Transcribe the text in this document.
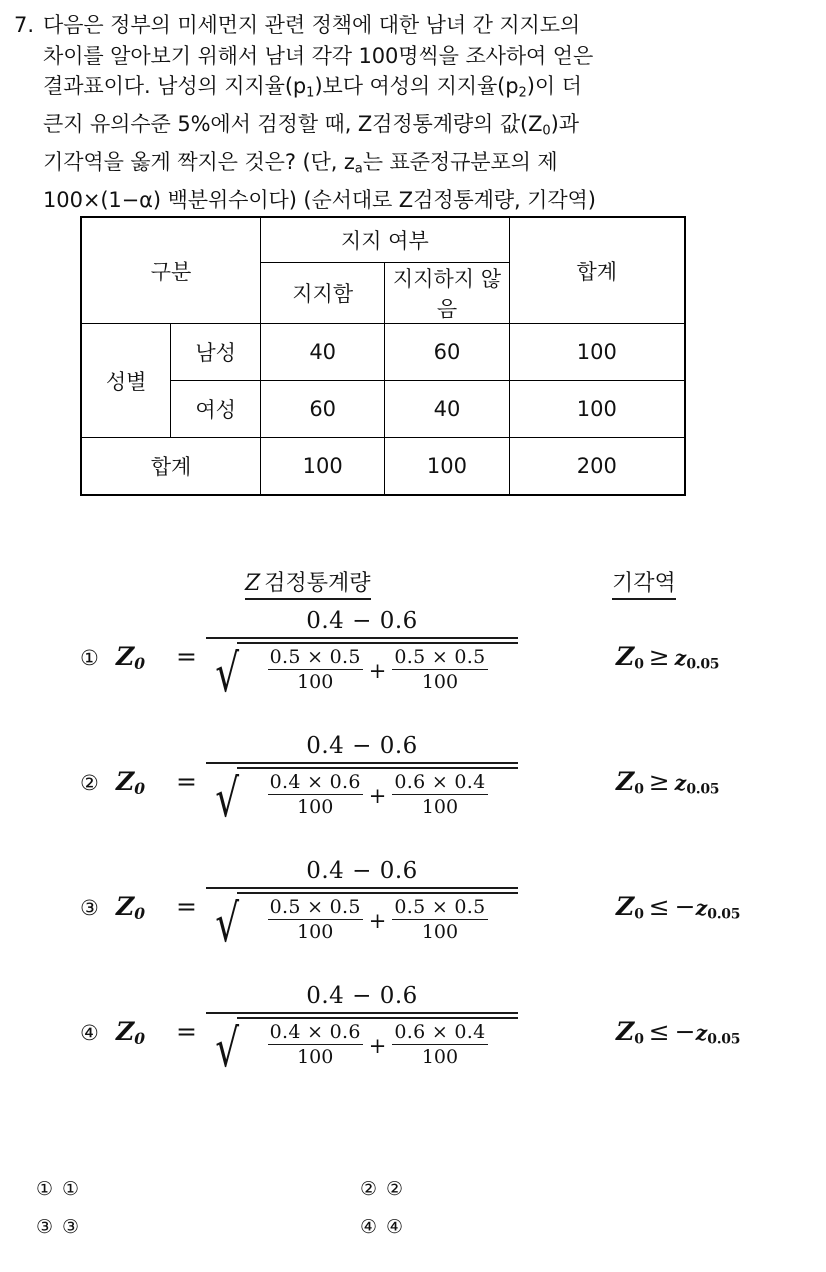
7. 다음은 정부의 미세먼지 관련 정책에 대한 남녀 간 지지도의
차이를 알아보기 위해서 남녀 각각 100명씩을 조사하여 얻은
결과표이다. 남성의 지지율$(p_1)$보다 여성의 지지율$(p_2)$이 더
큰지 유의수준 5%에서 검정할 때, Z검정통계량의 값$(Z_0)$과
기각역을 옳게 짝지은 것은? (단, $z_a$는 표준정규분포의 제
100×(1−α) 백분위수이다) (순서대로 Z검정통계량, 기각역)
구분		지지 여부		합계
		지지함	지지하지 않음	
성별	남성	40	60	100
	여성	60	40	100
합계		100	100	200
Z 검정통계량	기각역
① $Z_0$ =
0.4 − 0.6
√ 0.5 × 0.5
100 +
0.5 × 0.5
100
$Z_0 \ge z_{0.05}$
② $Z_0$ =
0.4 − 0.6
√ 0.4 × 0.6
100 +
0.6 × 0.4
100
$Z_0 \ge z_{0.05}$
③ $Z_0$ =
0.4 − 0.6
√ 0.5 × 0.5
100 +
0.5 × 0.5
100
$Z_0 \le -z_{0.05}$
④ $Z_0$ =
0.4 − 0.6
√ 0.4 × 0.6
100 +
0.6 × 0.4
100
$Z_0 \le -z_{0.05}$
① ①	② ②
③ ③	④ ④
